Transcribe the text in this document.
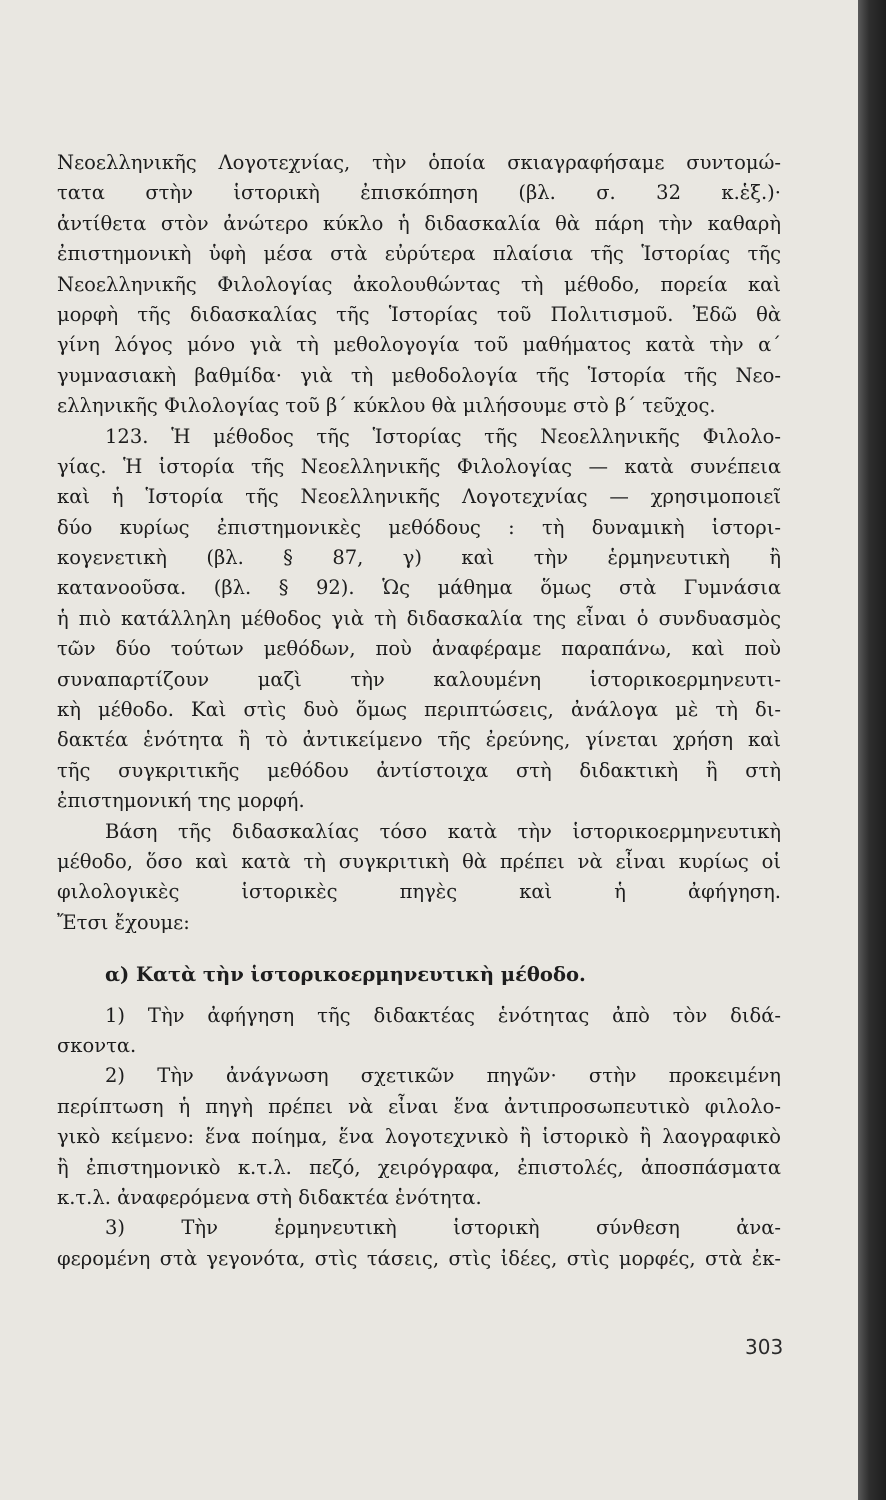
Νεοελληνικῆς Λογοτεχνίας, τὴν ὁποία σκιαγραφήσαμε συντομώ-
τατα στὴν ἱστορικὴ ἐπισκόπηση (βλ. σ. 32 κ.ἑξ.)·
ἀντίθετα στὸν ἀνώτερο κύκλο ἡ διδασκαλία θὰ πάρη τὴν καθαρὴ
ἐπιστημονικὴ ὑφὴ μέσα στὰ εὐρύτερα πλαίσια τῆς Ἱστορίας τῆς
Νεοελληνικῆς Φιλολογίας ἀκολουθώντας τὴ μέθοδο, πορεία καὶ
μορφὴ τῆς διδασκαλίας τῆς Ἱστορίας τοῦ Πολιτισμοῦ. Ἐδῶ θὰ
γίνη λόγος μόνο γιὰ τὴ μεθολογογία τοῦ μαθήματος κατὰ τὴν α´
γυμνασιακὴ βαθμίδα· γιὰ τὴ μεθοδολογία τῆς Ἱστορία τῆς Νεο-
ελληνικῆς Φιλολογίας τοῦ β´ κύκλου θὰ μιλήσουμε στὸ β´ τεῦχος.
123. Ἡ μέθοδος τῆς Ἱστορίας τῆς Νεοελληνικῆς Φιλολο-
γίας. Ἡ ἱστορία τῆς Νεοελληνικῆς Φιλολογίας — κατὰ συνέπεια
καὶ ἡ Ἱστορία τῆς Νεοελληνικῆς Λογοτεχνίας — χρησιμοποιεῖ
δύο κυρίως ἐπιστημονικὲς μεθόδους : τὴ δυναμικὴ ἱστορι-
κογενετικὴ (βλ. § 87, γ) καὶ τὴν ἑρμηνευτικὴ ἢ
κατανοοῦσα. (βλ. § 92). Ὡς μάθημα ὅμως στὰ Γυμνάσια
ἡ πιὸ κατάλληλη μέθοδος γιὰ τὴ διδασκαλία της εἶναι ὁ συνδυασμὸς
τῶν δύο τούτων μεθόδων, ποὺ ἀναφέραμε παραπάνω, καὶ ποὺ
συναπαρτίζουν μαζὶ τὴν καλουμένη ἱστορικοερμηνευτι-
κὴ μέθοδο. Καὶ στὶς δυὸ ὅμως περιπτώσεις, ἀνάλογα μὲ τὴ δι-
δακτέα ἑνότητα ἢ τὸ ἀντικείμενο τῆς ἐρεύνης, γίνεται χρήση καὶ
τῆς συγκριτικῆς μεθόδου ἀντίστοιχα στὴ διδακτικὴ ἢ στὴ
ἐπιστημονική της μορφή.
Βάση τῆς διδασκαλίας τόσο κατὰ τὴν ἱστορικοερμηνευτικὴ
μέθοδο, ὅσο καὶ κατὰ τὴ συγκριτικὴ θὰ πρέπει νὰ εἶναι κυρίως οἱ
φιλολογικὲς ἱστορικὲς πηγὲς καὶ ἡ ἀφήγηση.
Ἔτσι ἔχουμε:
α) Κατὰ τὴν ἱστορικοερμηνευτικὴ μέθοδο.
1) Τὴν ἀφήγηση τῆς διδακτέας ἑνότητας ἀπὸ τὸν διδά-
σκοντα.
2) Τὴν ἀνάγνωση σχετικῶν πηγῶν· στὴν προκειμένη
περίπτωση ἡ πηγὴ πρέπει νὰ εἶναι ἕνα ἀντιπροσωπευτικὸ φιλολο-
γικὸ κείμενο: ἕνα ποίημα, ἕνα λογοτεχνικὸ ἢ ἱστορικὸ ἢ λαογραφικὸ
ἢ ἐπιστημονικὸ κ.τ.λ. πεζό, χειρόγραφα, ἐπιστολές, ἀποσπάσματα
κ.τ.λ. ἀναφερόμενα στὴ διδακτέα ἑνότητα.
3) Τὴν ἑρμηνευτικὴ ἱστορικὴ σύνθεση ἀνα-
φερομένη στὰ γεγονότα, στὶς τάσεις, στὶς ἰδέες, στὶς μορφές, στὰ ἐκ-
303
